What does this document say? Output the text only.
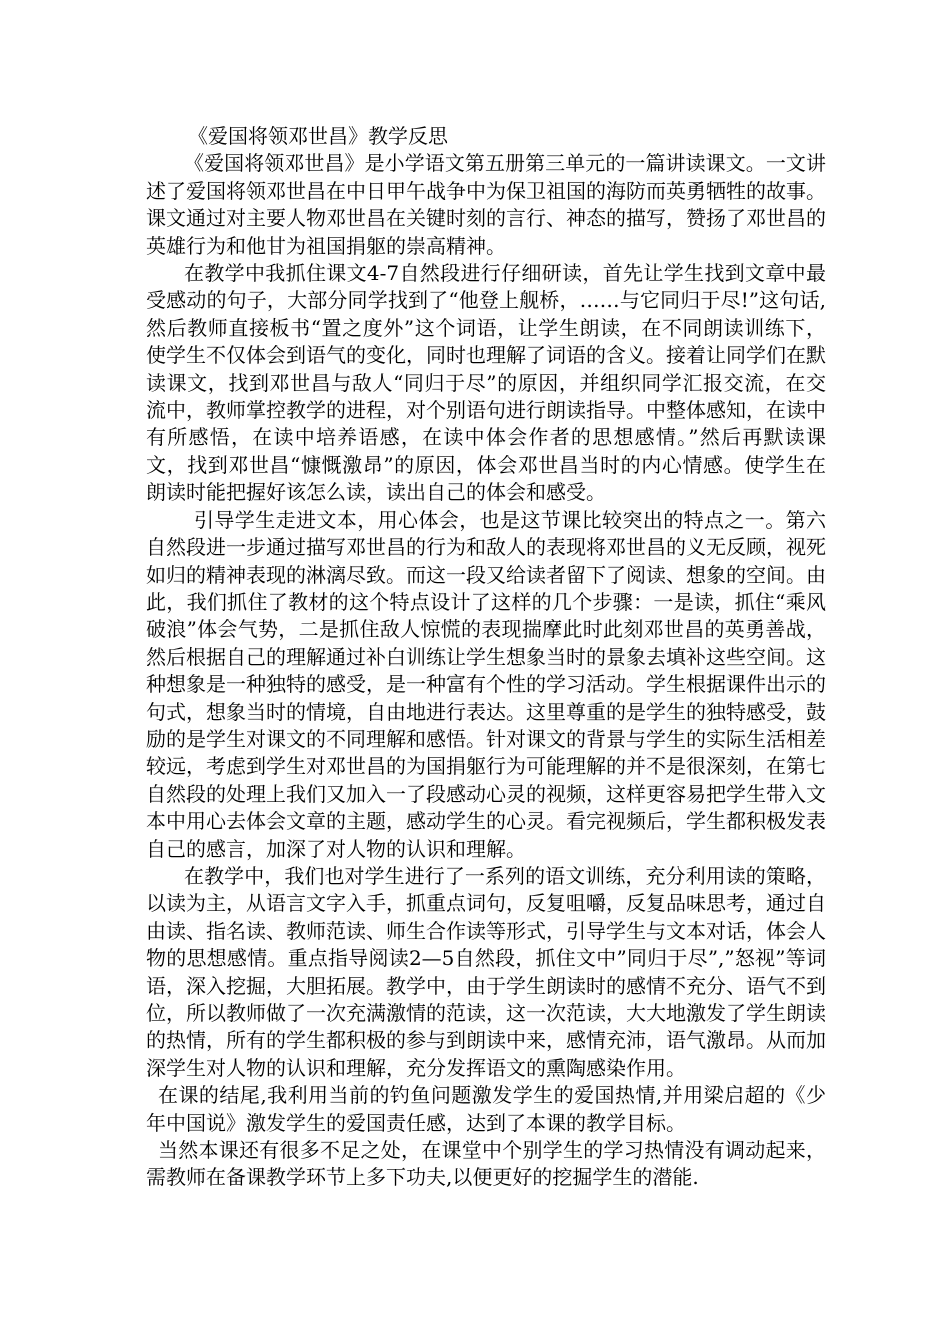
《爱国将领邓世昌》教学反思

《爱国将领邓世昌》是小学语文第五册第三单元的一篇讲读课文。一文讲述了爱国将领邓世昌在中日甲午战争中为保卫祖国的海防而英勇牺牲的故事。课文通过对主要人物邓世昌在关键时刻的言行、神态的描写，赞扬了邓世昌的英雄行为和他甘为祖国捐躯的崇高精神。

在教学中我抓住课文4-7自然段进行仔细研读，首先让学生找到文章中最受感动的句子，大部分同学找到了“他登上舰桥，……与它同归于尽!”这句话,然后教师直接板书“置之度外”这个词语，让学生朗读，在不同朗读训练下，使学生不仅体会到语气的变化，同时也理解了词语的含义。接着让同学们在默读课文，找到邓世昌与敌人“同归于尽”的原因，并组织同学汇报交流，在交流中，教师掌控教学的进程，对个别语句进行朗读指导。中整体感知，在读中有所感悟，在读中培养语感，在读中体会作者的思想感情。”然后再默读课文，找到邓世昌“慷慨激昂”的原因，体会邓世昌当时的内心情感。使学生在朗读时能把握好该怎么读，读出自己的体会和感受。

引导学生走进文本，用心体会，也是这节课比较突出的特点之一。第六自然段进一步通过描写邓世昌的行为和敌人的表现将邓世昌的义无反顾，视死如归的精神表现的淋漓尽致。而这一段又给读者留下了阅读、想象的空间。由此，我们抓住了教材的这个特点设计了这样的几个步骤：一是读，抓住“乘风破浪”体会气势，二是抓住敌人惊慌的表现揣摩此时此刻邓世昌的英勇善战，然后根据自己的理解通过补白训练让学生想象当时的景象去填补这些空间。这种想象是一种独特的感受，是一种富有个性的学习活动。学生根据课件出示的句式，想象当时的情境，自由地进行表达。这里尊重的是学生的独特感受，鼓励的是学生对课文的不同理解和感悟。针对课文的背景与学生的实际生活相差较远，考虑到学生对邓世昌的为国捐躯行为可能理解的并不是很深刻，在第七自然段的处理上我们又加入一了段感动心灵的视频，这样更容易把学生带入文本中用心去体会文章的主题，感动学生的心灵。看完视频后，学生都积极发表自己的感言，加深了对人物的认识和理解。

在教学中，我们也对学生进行了一系列的语文训练，充分利用读的策略，以读为主，从语言文字入手，抓重点词句，反复咀嚼，反复品味思考，通过自由读、指名读、教师范读、师生合作读等形式，引导学生与文本对话，体会人物的思想感情。重点指导阅读2—5自然段，抓住文中”同归于尽”,”怒视”等词语，深入挖掘，大胆拓展。教学中，由于学生朗读时的感情不充分、语气不到位，所以教师做了一次充满激情的范读，这一次范读，大大地激发了学生朗读的热情，所有的学生都积极的参与到朗读中来，感情充沛，语气激昂。从而加深学生对人物的认识和理解，充分发挥语文的熏陶感染作用。

在课的结尾,我利用当前的钓鱼问题激发学生的爱国热情,并用梁启超的《少年中国说》激发学生的爱国责任感，达到了本课的教学目标。

当然本课还有很多不足之处，在课堂中个别学生的学习热情没有调动起来，需教师在备课教学环节上多下功夫,以便更好的挖掘学生的潜能.
